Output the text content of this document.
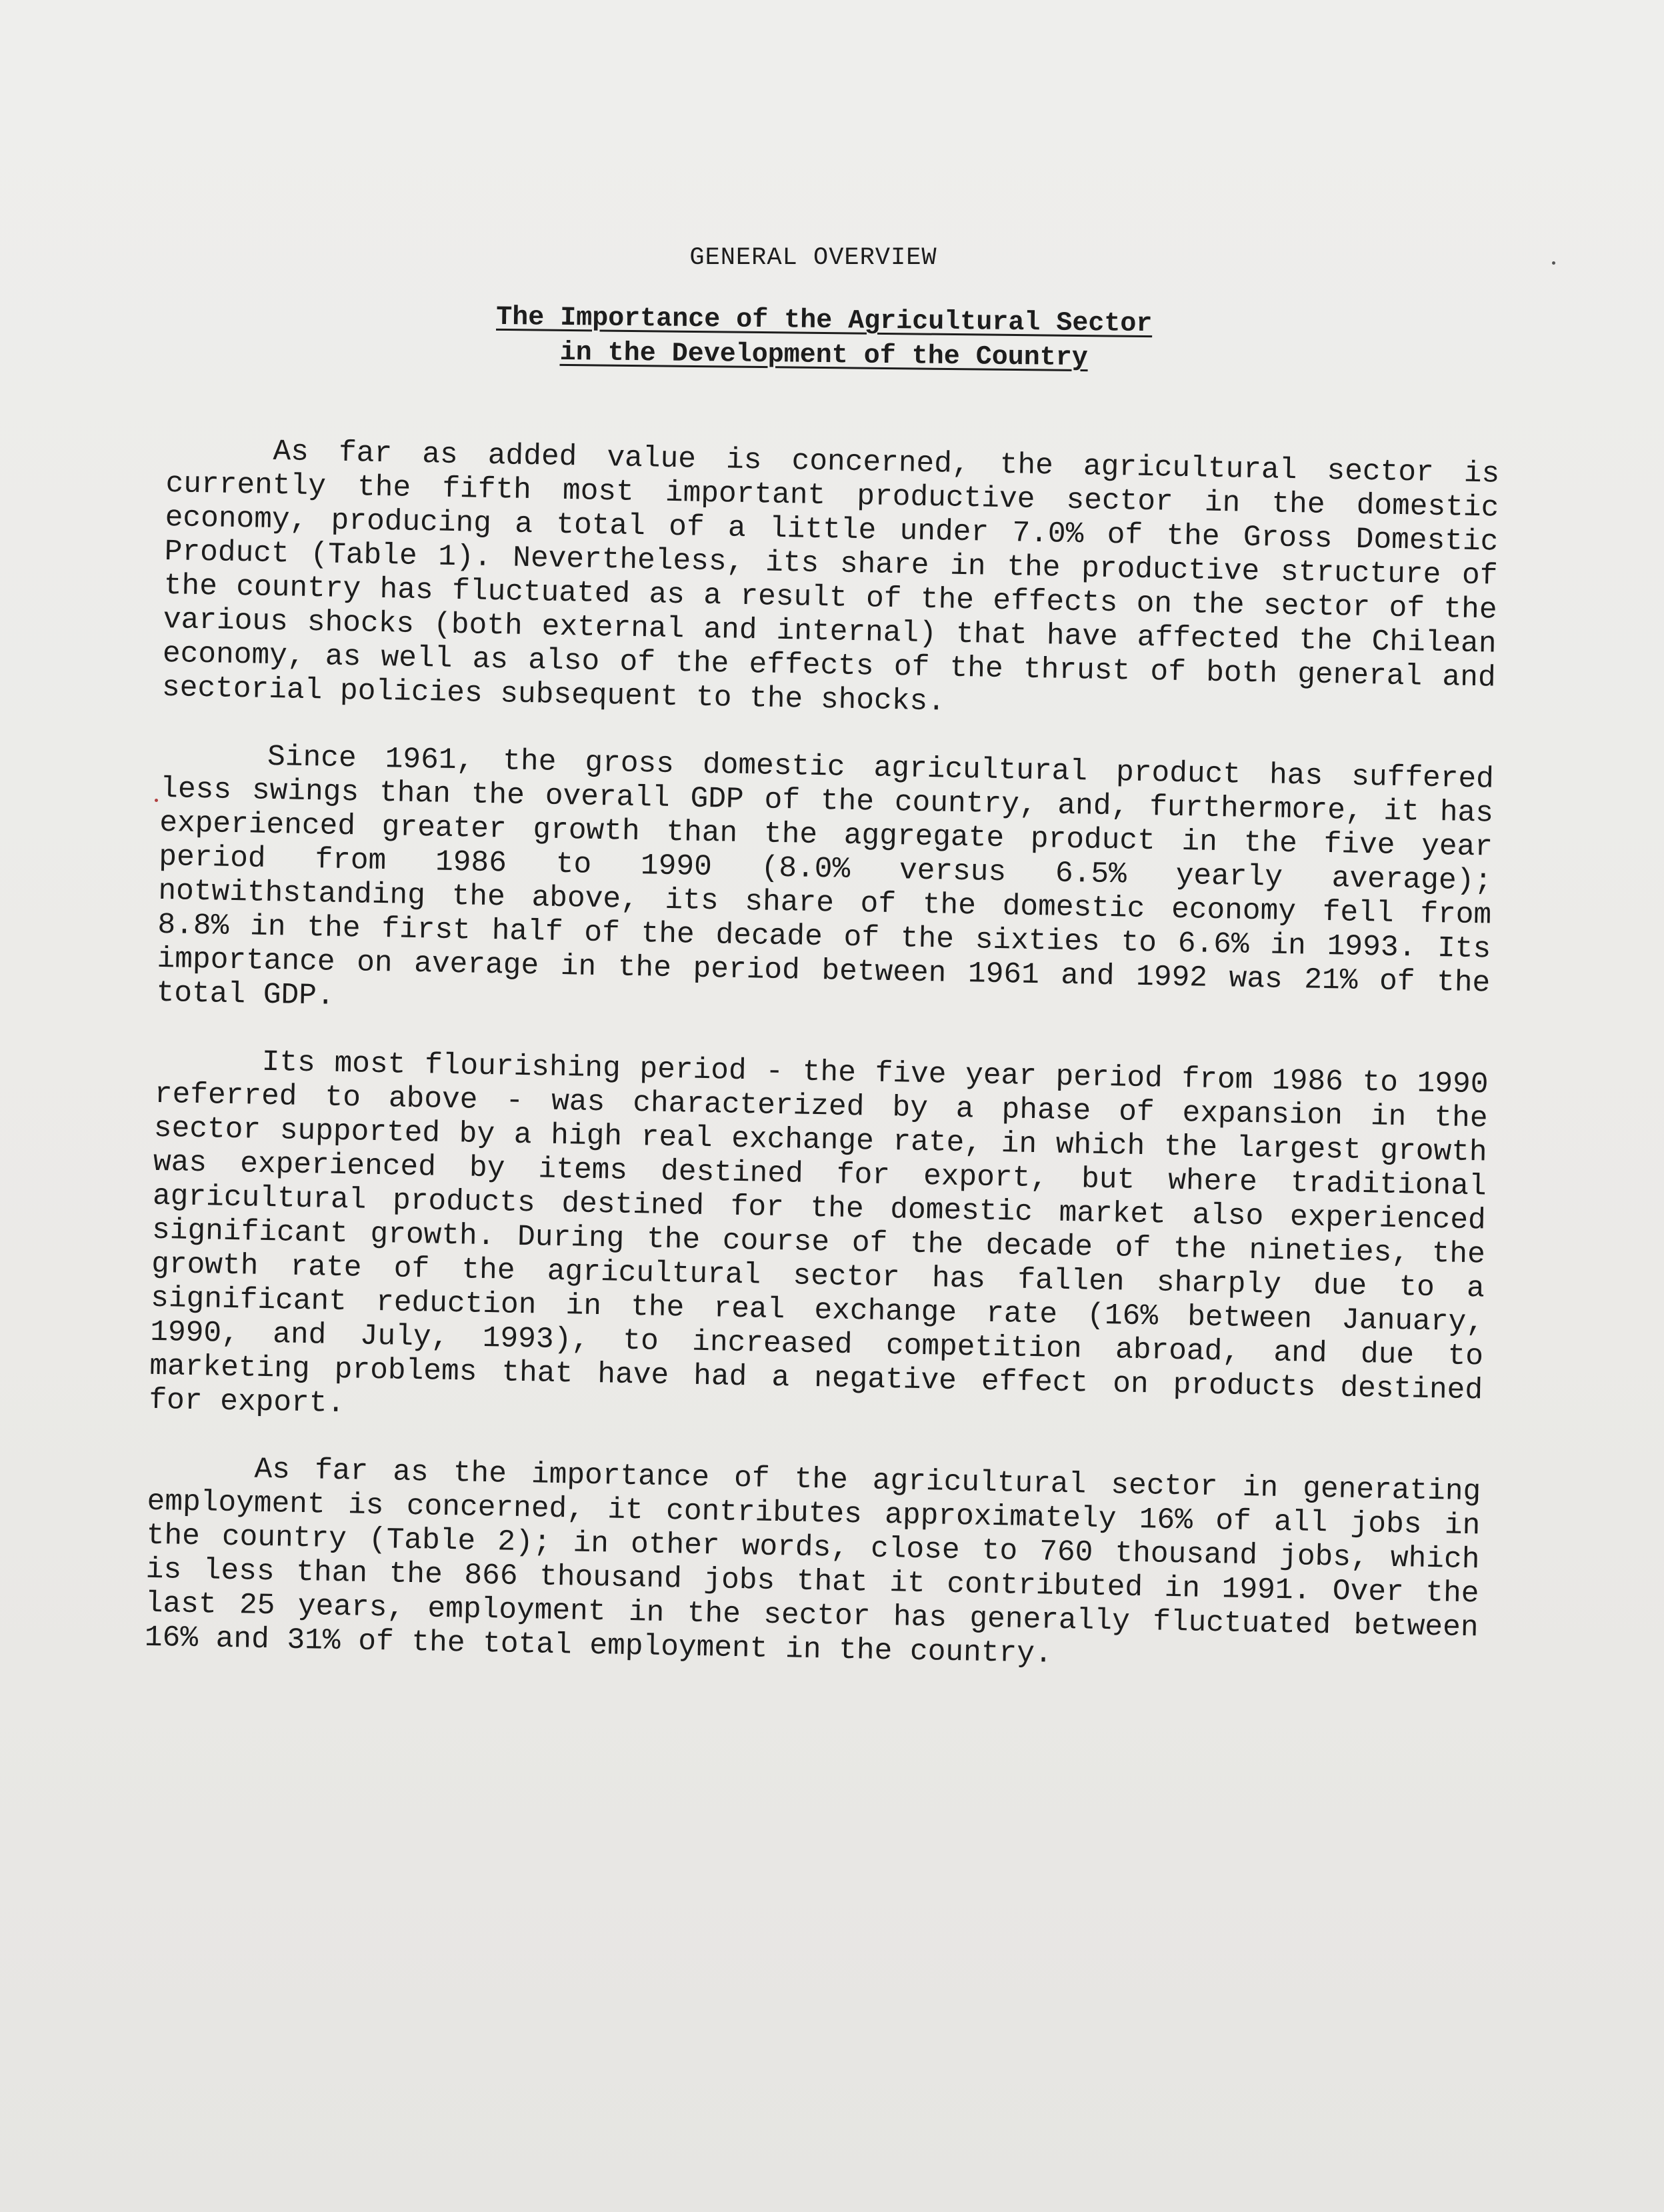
GENERAL OVERVIEW
The Importance of the Agricultural Sector
in the Development of the Country

As far as added value is concerned, the agricultural sector is currently the fifth most important productive sector in the domestic economy, producing a total of a little under 7.0% of the Gross Domestic Product (Table 1). Nevertheless, its share in the productive structure of the country has fluctuated as a result of the effects on the sector of the various shocks (both external and internal) that have affected the Chilean economy, as well as also of the effects of the thrust of both general and sectorial policies subsequent to the shocks.

Since 1961, the gross domestic agricultural product has suffered less swings than the overall GDP of the country, and, furthermore, it has experienced greater growth than the aggregate product in the five year period from 1986 to 1990 (8.0% versus 6.5% yearly average); notwithstanding the above, its share of the domestic economy fell from 8.8% in the first half of the decade of the sixties to 6.6% in 1993. Its importance on average in the period between 1961 and 1992 was 21% of the total GDP.

Its most flourishing period - the five year period from 1986 to 1990 referred to above - was characterized by a phase of expansion in the sector supported by a high real exchange rate, in which the largest growth was experienced by items destined for export, but where traditional agricultural products destined for the domestic market also experienced significant growth. During the course of the decade of the nineties, the growth rate of the agricultural sector has fallen sharply due to a significant reduction in the real exchange rate (16% between January, 1990, and July, 1993), to increased competition abroad, and due to marketing problems that have had a negative effect on products destined for export.

As far as the importance of the agricultural sector in generating employment is concerned, it contributes approximately 16% of all jobs in the country (Table 2); in other words, close to 760 thousand jobs, which is less than the 866 thousand jobs that it contributed in 1991. Over the last 25 years, employment in the sector has generally fluctuated between 16% and 31% of the total employment in the country.
